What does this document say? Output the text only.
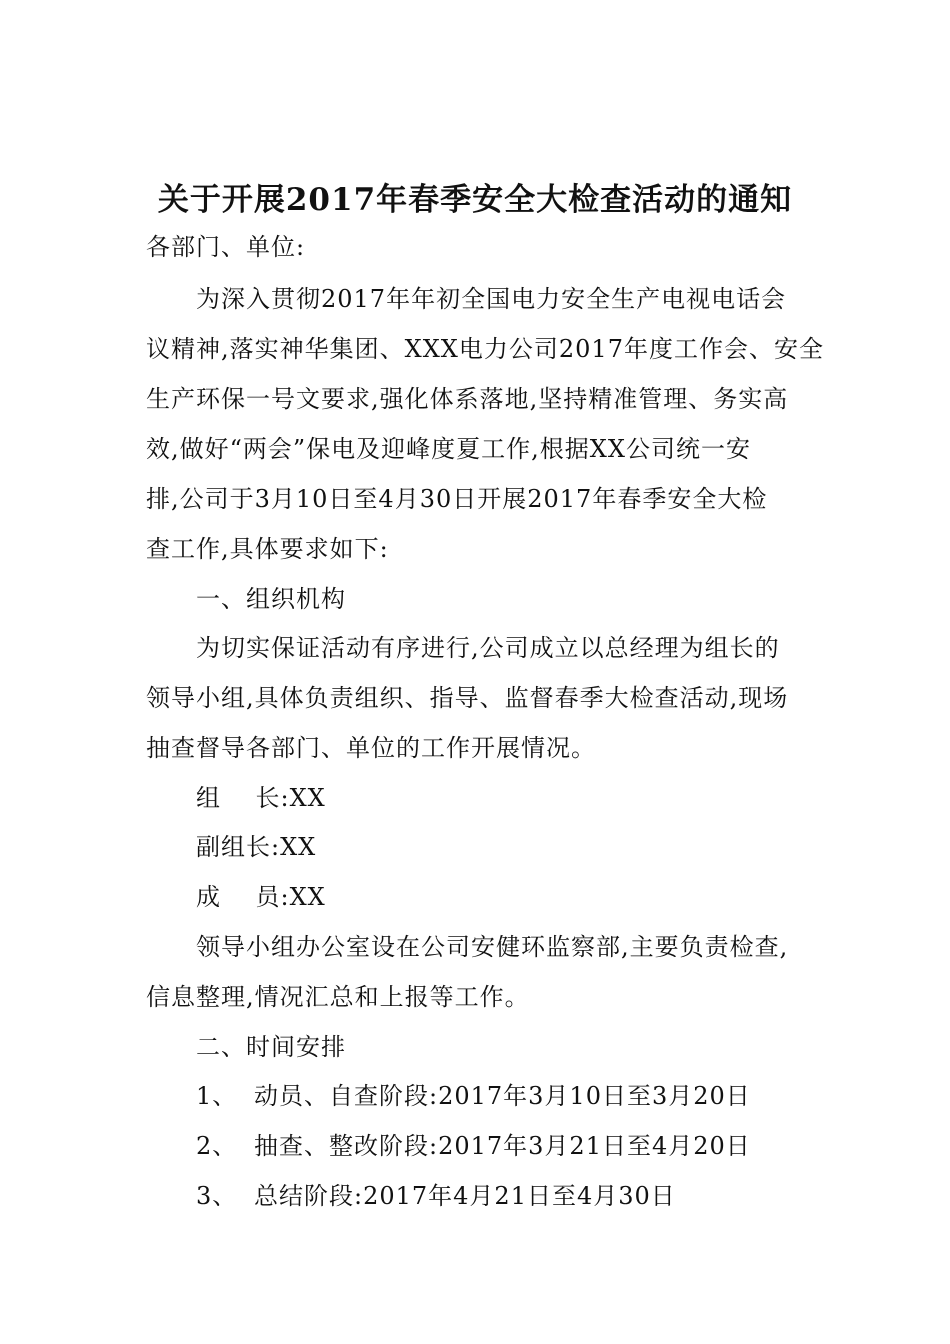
关于开展2017年春季安全大检查活动的通知
各部门、单位:
为深入贯彻2017年年初全国电力安全生产电视电话会
议精神,落实神华集团、XXX电力公司2017年度工作会、安全
生产环保一号文要求,强化体系落地,坚持精准管理、务实高
效,做好“两会”保电及迎峰度夏工作,根据XX公司统一安
排,公司于3月10日至4月30日开展2017年春季安全大检
查工作,具体要求如下:
一、组织机构
为切实保证活动有序进行,公司成立以总经理为组长的
领导小组,具体负责组织、指导、监督春季大检查活动,现场
抽查督导各部门、单位的工作开展情况。
组    长:XX
副组长:XX
成    员:XX
领导小组办公室设在公司安健环监察部,主要负责检查,
信息整理,情况汇总和上报等工作。
二、时间安排
1、 动员、自查阶段:2017年3月10日至3月20日
2、 抽查、整改阶段:2017年3月21日至4月20日
3、 总结阶段:2017年4月21日至4月30日
